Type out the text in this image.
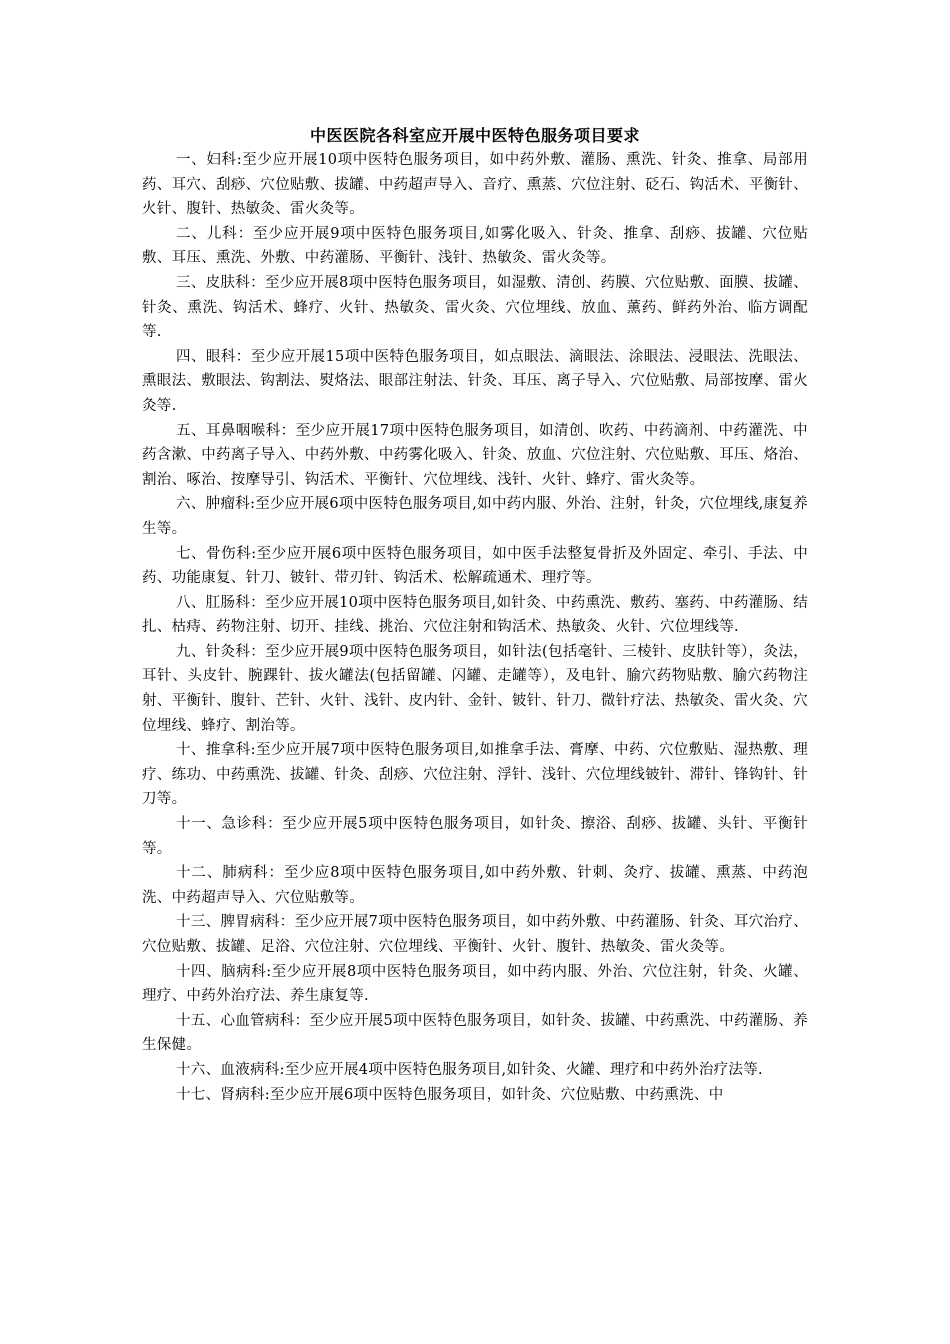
中医医院各科室应开展中医特色服务项目要求

一、妇科:至少应开展10项中医特色服务项目，如中药外敷、灌肠、熏洗、针灸、推拿、局部用药、耳穴、刮痧、穴位贴敷、拔罐、中药超声导入、音疗、熏蒸、穴位注射、砭石、钩活术、平衡针、火针、腹针、热敏灸、雷火灸等。

二、儿科：至少应开展9项中医特色服务项目,如雾化吸入、针灸、推拿、刮痧、拔罐、穴位贴敷、耳压、熏洗、外敷、中药灌肠、平衡针、浅针、热敏灸、雷火灸等。

三、皮肤科：至少应开展8项中医特色服务项目，如湿敷、清创、药膜、穴位贴敷、面膜、拔罐、针灸、熏洗、钩活术、蜂疗、火针、热敏灸、雷火灸、穴位埋线、放血、薰药、鲜药外治、临方调配等.

四、眼科：至少应开展15项中医特色服务项目，如点眼法、滴眼法、涂眼法、浸眼法、洗眼法、熏眼法、敷眼法、钩割法、熨烙法、眼部注射法、针灸、耳压、离子导入、穴位贴敷、局部按摩、雷火灸等.

五、耳鼻咽喉科：至少应开展17项中医特色服务项目，如清创、吹药、中药滴剂、中药灌洗、中药含漱、中药离子导入、中药外敷、中药雾化吸入、针灸、放血、穴位注射、穴位贴敷、耳压、烙治、割治、啄治、按摩导引、钩活术、平衡针、穴位埋线、浅针、火针、蜂疗、雷火灸等。

六、肿瘤科:至少应开展6项中医特色服务项目,如中药内服、外治、注射，针灸，穴位埋线,康复养生等。

七、骨伤科:至少应开展6项中医特色服务项目，如中医手法整复骨折及外固定、牵引、手法、中药、功能康复、针刀、铍针、带刃针、钩活术、松解疏通术、理疗等。

八、肛肠科：至少应开展10项中医特色服务项目,如针灸、中药熏洗、敷药、塞药、中药灌肠、结扎、枯痔、药物注射、切开、挂线、挑治、穴位注射和钩活术、热敏灸、火针、穴位埋线等.

九、针灸科：至少应开展9项中医特色服务项目，如针法(包括毫针、三棱针、皮肤针等），灸法，耳针、头皮针、腕踝针、拔火罐法(包括留罐、闪罐、走罐等），及电针、腧穴药物贴敷、腧穴药物注射、平衡针、腹针、芒针、火针、浅针、皮内针、金针、铍针、针刀、微针疗法、热敏灸、雷火灸、穴位埋线、蜂疗、割治等。

十、推拿科:至少应开展7项中医特色服务项目,如推拿手法、膏摩、中药、穴位敷贴、湿热敷、理疗、练功、中药熏洗、拔罐、针灸、刮痧、穴位注射、浮针、浅针、穴位埋线铍针、滞针、锋钩针、针刀等。

十一、急诊科：至少应开展5项中医特色服务项目，如针灸、擦浴、刮痧、拔罐、头针、平衡针等。

十二、肺病科：至少应8项中医特色服务项目,如中药外敷、针刺、灸疗、拔罐、熏蒸、中药泡洗、中药超声导入、穴位贴敷等。

十三、脾胃病科：至少应开展7项中医特色服务项目，如中药外敷、中药灌肠、针灸、耳穴治疗、穴位贴敷、拔罐、足浴、穴位注射、穴位埋线、平衡针、火针、腹针、热敏灸、雷火灸等。

十四、脑病科:至少应开展8项中医特色服务项目，如中药内服、外治、穴位注射，针灸、火罐、理疗、中药外治疗法、养生康复等.

十五、心血管病科：至少应开展5项中医特色服务项目，如针灸、拔罐、中药熏洗、中药灌肠、养生保健。

十六、血液病科:至少应开展4项中医特色服务项目,如针灸、火罐、理疗和中药外治疗法等.

十七、肾病科:至少应开展6项中医特色服务项目，如针灸、穴位贴敷、中药熏洗、中
